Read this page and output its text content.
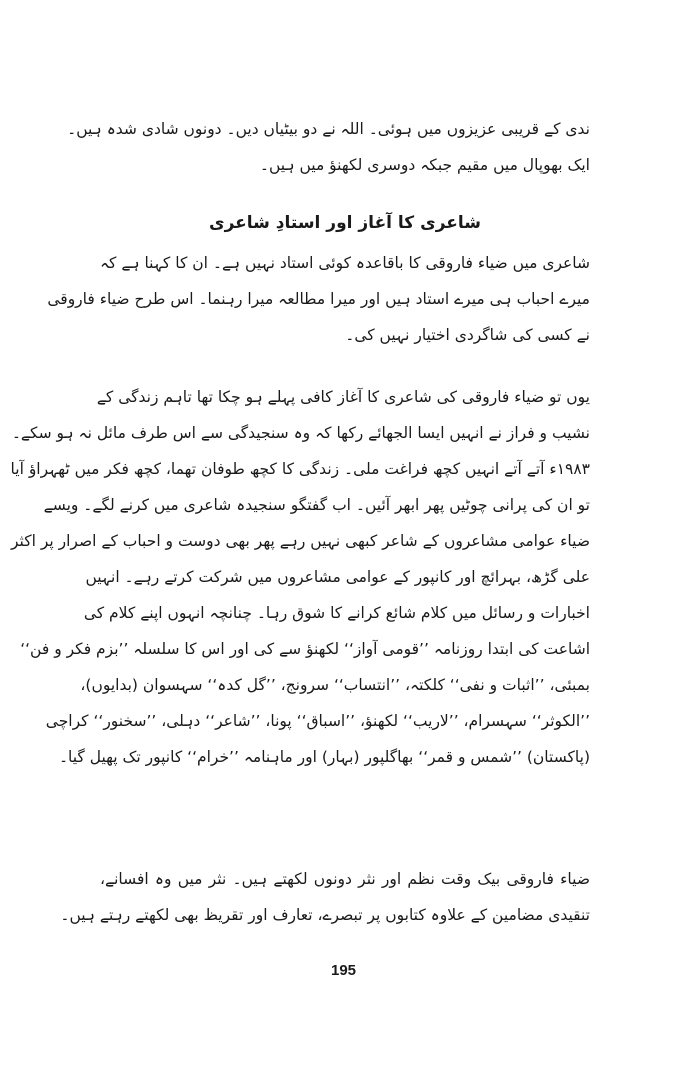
ندی کے قریبی عزیزوں میں ہوئی۔ اللہ نے دو بیٹیاں دیں۔ دونوں شادی شدہ ہیں۔
ایک بھوپال میں مقیم جبکہ دوسری لکھنؤ میں ہیں۔
شاعری کا آغاز اور استادِ شاعری
شاعری میں ضیاء فاروقی کا باقاعدہ کوئی استاد نہیں ہے۔ ان کا کہنا ہے کہ
میرے احباب ہی میرے استاد ہیں اور میرا مطالعہ میرا رہنما۔ اس طرح ضیاء فاروقی
نے کسی کی شاگردی اختیار نہیں کی۔
یوں تو ضیاء فاروقی کی شاعری کا آغاز کافی پہلے ہو چکا تھا تاہم زندگی کے
نشیب و فراز نے انہیں ایسا الجھائے رکھا کہ وہ سنجیدگی سے اس طرف مائل نہ ہو سکے۔
۱۹۸۳ء آتے آتے انہیں کچھ فراغت ملی۔ زندگی کا کچھ طوفان تھما، کچھ فکر میں ٹھہراؤ آیا
تو ان کی پرانی چوٹیں پھر ابھر آئیں۔ اب گفتگو سنجیدہ شاعری میں کرنے لگے۔ ویسے
ضیاء عوامی مشاعروں کے شاعر کبھی نہیں رہے پھر بھی دوست و احباب کے اصرار پر اکثر
علی گڑھ، بہرائچ اور کانپور کے عوامی مشاعروں میں شرکت کرتے رہے۔ انہیں
اخبارات و رسائل میں کلام شائع کرانے کا شوق رہا۔ چنانچہ انہوں اپنے کلام کی
اشاعت کی ابتدا روزنامہ ’’قومی آواز‘‘ لکھنؤ سے کی اور اس کا سلسلہ ’’بزم فکر و فن‘‘
بمبئی، ’’اثبات و نفی‘‘ کلکتہ، ’’انتساب‘‘ سرونج، ’’گل کدہ‘‘ سہسوان (بدایوں)،
’’الکوثر‘‘ سہسرام، ’’لاریب‘‘ لکھنؤ، ’’اسباق‘‘ پونا، ’’شاعر‘‘ دہلی، ’’سخنور‘‘ کراچی
(پاکستان) ’’شمس و قمر‘‘ بھاگلپور (بہار) اور ماہنامہ ’’خرام‘‘ کانپور تک پھیل گیا۔
ضیاء فاروقی بیک وقت نظم اور نثر دونوں لکھتے ہیں۔ نثر میں وہ افسانے،
تنقیدی مضامین کے علاوہ کتابوں پر تبصرے، تعارف اور تقریظ بھی لکھتے رہتے ہیں۔
195
